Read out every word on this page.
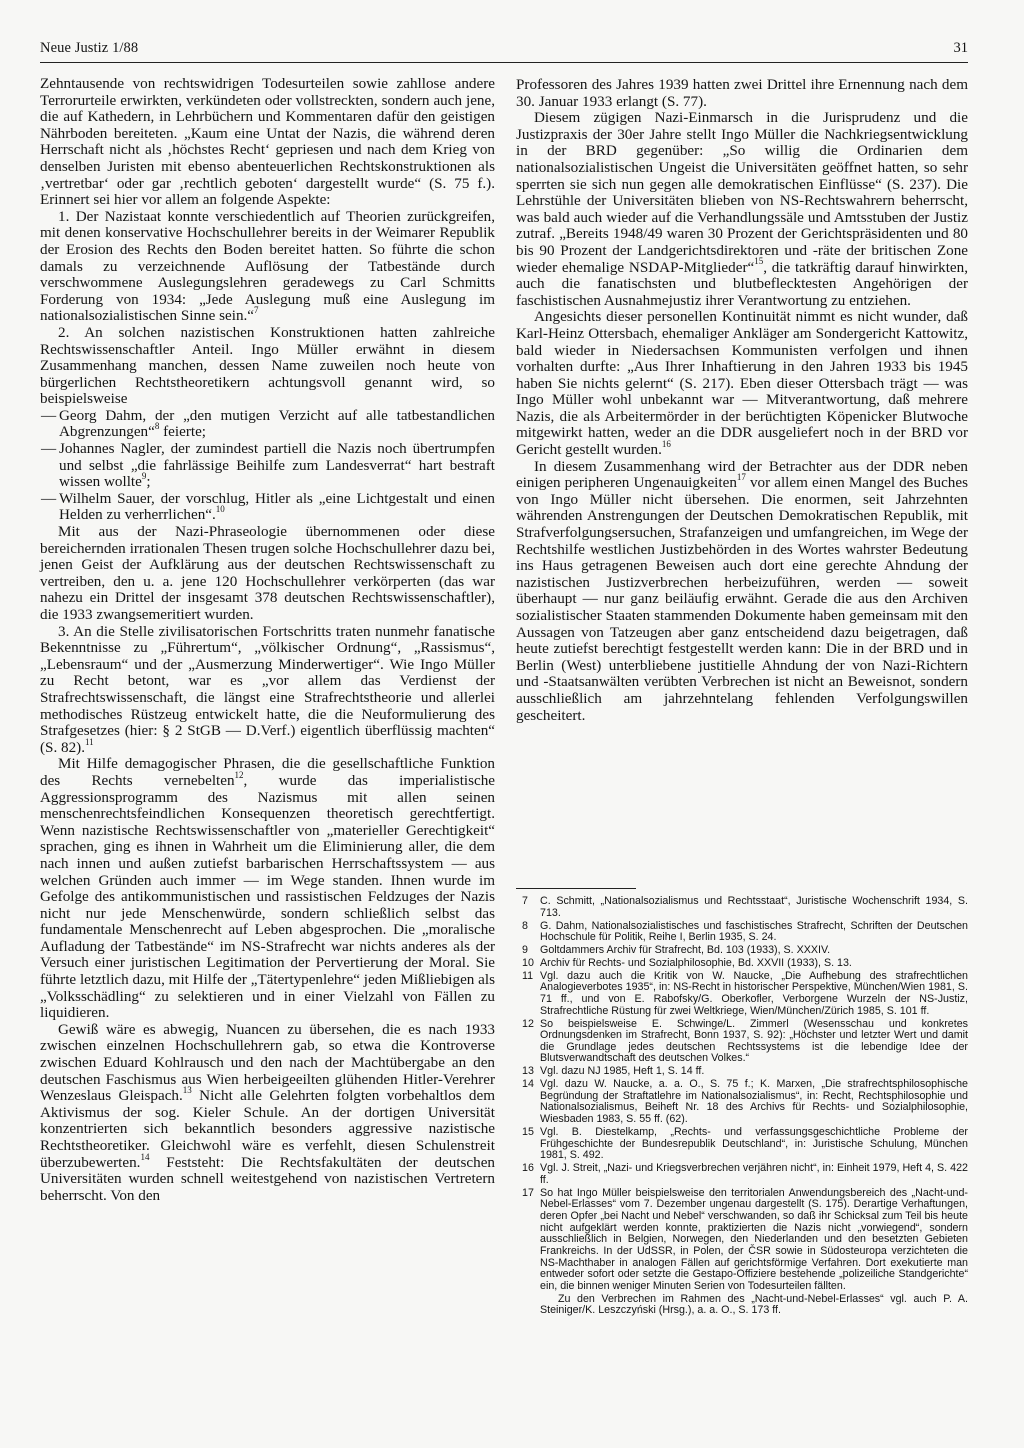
Neue Justiz 1/88	31

Zehntausende von rechtswidrigen Todesurteilen sowie zahllose andere Terrorurteile erwirkten, verkündeten oder vollstreckten, sondern auch jene, die auf Kathedern, in Lehrbüchern und Kommentaren dafür den geistigen Nährboden bereiteten. „Kaum eine Untat der Nazis, die während deren Herrschaft nicht als ‚höchstes Recht‘ gepriesen und nach dem Krieg von denselben Juristen mit ebenso abenteuerlichen Rechtskonstruktionen als ‚vertretbar‘ oder gar ‚rechtlich geboten‘ dargestellt wurde“ (S. 75 f.). Erinnert sei hier vor allem an folgende Aspekte:

1. Der Nazistaat konnte verschiedentlich auf Theorien zurückgreifen, mit denen konservative Hochschullehrer bereits in der Weimarer Republik der Erosion des Rechts den Boden bereitet hatten. So führte die schon damals zu verzeichnende Auflösung der Tatbestände durch verschwommene Auslegungslehren geradewegs zu Carl Schmitts Forderung von 1934: „Jede Auslegung muß eine Auslegung im nationalsozialistischen Sinne sein.“$^7$

2. An solchen nazistischen Konstruktionen hatten zahlreiche Rechtswissenschaftler Anteil. Ingo Müller erwähnt in diesem Zusammenhang manchen, dessen Name zuweilen noch heute von bürgerlichen Rechtstheoretikern achtungsvoll genannt wird, so beispielsweise

— Georg Dahm, der „den mutigen Verzicht auf alle tatbestandlichen Abgrenzungen“$^8$ feierte;
— Johannes Nagler, der zumindest partiell die Nazis noch übertrumpfen und selbst „die fahrlässige Beihilfe zum Landesverrat“ hart bestraft wissen wollte$^9$;
— Wilhelm Sauer, der vorschlug, Hitler als „eine Lichtgestalt und einen Helden zu verherrlichen“.$^{10}$

Mit aus der Nazi-Phraseologie übernommenen oder diese bereichernden irrationalen Thesen trugen solche Hochschullehrer dazu bei, jenen Geist der Aufklärung aus der deutschen Rechtswissenschaft zu vertreiben, den u. a. jene 120 Hochschullehrer verkörperten (das war nahezu ein Drittel der insgesamt 378 deutschen Rechtswissenschaftler), die 1933 zwangsemeritiert wurden.

3. An die Stelle zivilisatorischen Fortschritts traten nunmehr fanatische Bekenntnisse zu „Führertum“, „völkischer Ordnung“, „Rassismus“, „Lebensraum“ und der „Ausmerzung Minderwertiger“. Wie Ingo Müller zu Recht betont, war es „vor allem das Verdienst der Strafrechtswissenschaft, die längst eine Strafrechtstheorie und allerlei methodisches Rüstzeug entwickelt hatte, die die Neuformulierung des Strafgesetzes (hier: § 2 StGB — D.Verf.) eigentlich überflüssig machten“ (S. 82).$^{11}$

Mit Hilfe demagogischer Phrasen, die die gesellschaftliche Funktion des Rechts vernebelten$^{12}$, wurde das imperialistische Aggressionsprogramm des Nazismus mit allen seinen menschenrechtsfeindlichen Konsequenzen theoretisch gerechtfertigt. Wenn nazistische Rechtswissenschaftler von „materieller Gerechtigkeit“ sprachen, ging es ihnen in Wahrheit um die Eliminierung aller, die dem nach innen und außen zutiefst barbarischen Herrschaftssystem — aus welchen Gründen auch immer — im Wege standen. Ihnen wurde im Gefolge des antikommunistischen und rassistischen Feldzuges der Nazis nicht nur jede Menschenwürde, sondern schließlich selbst das fundamentale Menschenrecht auf Leben abgesprochen. Die „moralische Aufladung der Tatbestände“ im NS-Strafrecht war nichts anderes als der Versuch einer juristischen Legitimation der Pervertierung der Moral. Sie führte letztlich dazu, mit Hilfe der „Tätertypenlehre“ jeden Mißliebigen als „Volksschädling“ zu selektieren und in einer Vielzahl von Fällen zu liquidieren.

Gewiß wäre es abwegig, Nuancen zu übersehen, die es nach 1933 zwischen einzelnen Hochschullehrern gab, so etwa die Kontroverse zwischen Eduard Kohlrausch und den nach der Machtübergabe an den deutschen Faschismus aus Wien herbeigeeilten glühenden Hitler-Verehrer Wenzeslaus Gleispach.$^{13}$ Nicht alle Gelehrten folgten vorbehaltlos dem Aktivismus der sog. Kieler Schule. An der dortigen Universität konzentrierten sich bekanntlich besonders aggressive nazistische Rechtstheoretiker. Gleichwohl wäre es verfehlt, diesen Schulenstreit überzubewerten.$^{14}$ Feststeht: Die Rechtsfakultäten der deutschen Universitäten wurden schnell weitestgehend von nazistischen Vertretern beherrscht. Von den

Professoren des Jahres 1939 hatten zwei Drittel ihre Ernennung nach dem 30. Januar 1933 erlangt (S. 77).

Diesem zügigen Nazi-Einmarsch in die Jurisprudenz und die Justizpraxis der 30er Jahre stellt Ingo Müller die Nachkriegsentwicklung in der BRD gegenüber: „So willig die Ordinarien dem nationalsozialistischen Ungeist die Universitäten geöffnet hatten, so sehr sperrten sie sich nun gegen alle demokratischen Einflüsse“ (S. 237). Die Lehrstühle der Universitäten blieben von NS-Rechtswahrern beherrscht, was bald auch wieder auf die Verhandlungssäle und Amtsstuben der Justiz zutraf. „Bereits 1948/49 waren 30 Prozent der Gerichtspräsidenten und 80 bis 90 Prozent der Landgerichtsdirektoren und -räte der britischen Zone wieder ehemalige NSDAP-Mitglieder“$^{15}$, die tatkräftig darauf hinwirkten, auch die fanatischsten und blutbeflecktesten Angehörigen der faschistischen Ausnahmejustiz ihrer Verantwortung zu entziehen.

Angesichts dieser personellen Kontinuität nimmt es nicht wunder, daß Karl-Heinz Ottersbach, ehemaliger Ankläger am Sondergericht Kattowitz, bald wieder in Niedersachsen Kommunisten verfolgen und ihnen vorhalten durfte: „Aus Ihrer Inhaftierung in den Jahren 1933 bis 1945 haben Sie nichts gelernt“ (S. 217). Eben dieser Ottersbach trägt — was Ingo Müller wohl unbekannt war — Mitverantwortung, daß mehrere Nazis, die als Arbeitermörder in der berüchtigten Köpenicker Blutwoche mitgewirkt hatten, weder an die DDR ausgeliefert noch in der BRD vor Gericht gestellt wurden.$^{16}$

In diesem Zusammenhang wird der Betrachter aus der DDR neben einigen peripheren Ungenauigkeiten$^{17}$ vor allem einen Mangel des Buches von Ingo Müller nicht übersehen. Die enormen, seit Jahrzehnten währenden Anstrengungen der Deutschen Demokratischen Republik, mit Strafverfolgungsersuchen, Strafanzeigen und umfangreichen, im Wege der Rechtshilfe westlichen Justizbehörden in des Wortes wahrster Bedeutung ins Haus getragenen Beweisen auch dort eine gerechte Ahndung der nazistischen Justizverbrechen herbeizuführen, werden — soweit überhaupt — nur ganz beiläufig erwähnt. Gerade die aus den Archiven sozialistischer Staaten stammenden Dokumente haben gemeinsam mit den Aussagen von Tatzeugen aber ganz entscheidend dazu beigetragen, daß heute zutiefst berechtigt festgestellt werden kann: Die in der BRD und in Berlin (West) unterbliebene justitielle Ahndung der von Nazi-Richtern und -Staatsanwälten verübten Verbrechen ist nicht an Beweisnot, sondern ausschließlich am jahrzehntelang fehlenden Verfolgungswillen gescheitert.

7 C. Schmitt, „Nationalsozialismus und Rechtsstaat“, Juristische Wochenschrift 1934, S. 713.
8 G. Dahm, Nationalsozialistisches und faschistisches Strafrecht, Schriften der Deutschen Hochschule für Politik, Reihe I, Berlin 1935, S. 24.
9 Goltdammers Archiv für Strafrecht, Bd. 103 (1933), S. XXXIV.
10 Archiv für Rechts- und Sozialphilosophie, Bd. XXVII (1933), S. 13.
11 Vgl. dazu auch die Kritik von W. Naucke, „Die Aufhebung des strafrechtlichen Analogieverbotes 1935“, in: NS-Recht in historischer Perspektive, München/Wien 1981, S. 71 ff., und von E. Rabofsky/G. Oberkofler, Verborgene Wurzeln der NS-Justiz, Strafrechtliche Rüstung für zwei Weltkriege, Wien/München/Zürich 1985, S. 101 ff.
12 So beispielsweise E. Schwinge/L. Zimmerl (Wesensschau und konkretes Ordnungsdenken im Strafrecht, Bonn 1937, S. 92): „Höchster und letzter Wert und damit die Grundlage jedes deutschen Rechtssystems ist die lebendige Idee der Blutsverwandtschaft des deutschen Volkes.“
13 Vgl. dazu NJ 1985, Heft 1, S. 14 ff.
14 Vgl. dazu W. Naucke, a. a. O., S. 75 f.; K. Marxen, „Die strafrechtsphilosophische Begründung der Straftatlehre im Nationalsozialismus“, in: Recht, Rechtsphilosophie und Nationalsozialismus, Beiheft Nr. 18 des Archivs für Rechts- und Sozialphilosophie, Wiesbaden 1983, S. 55 ff. (62).
15 Vgl. B. Diestelkamp, „Rechts- und verfassungsgeschichtliche Probleme der Frühgeschichte der Bundesrepublik Deutschland“, in: Juristische Schulung, München 1981, S. 492.
16 Vgl. J. Streit, „Nazi- und Kriegsverbrechen verjähren nicht“, in: Einheit 1979, Heft 4, S. 422 ff.
17 So hat Ingo Müller beispielsweise den territorialen Anwendungsbereich des „Nacht-und-Nebel-Erlasses“ vom 7. Dezember ungenau dargestellt (S. 175). Derartige Verhaftungen, deren Opfer „bei Nacht und Nebel“ verschwanden, so daß ihr Schicksal zum Teil bis heute nicht aufgeklärt werden konnte, praktizierten die Nazis nicht „vorwiegend“, sondern ausschließlich in Belgien, Norwegen, den Niederlanden und den besetzten Gebieten Frankreichs. In der UdSSR, in Polen, der ČSR sowie in Südosteuropa verzichteten die NS-Machthaber in analogen Fällen auf gerichtsförmige Verfahren. Dort exekutierte man entweder sofort oder setzte die Gestapo-Offiziere bestehende „polizeiliche Standgerichte“ ein, die binnen weniger Minuten Serien von Todesurteilen fällten.

Zu den Verbrechen im Rahmen des „Nacht-und-Nebel-Erlasses“ vgl. auch P. A. Steiniger/K. Leszczyński (Hrsg.), a. a. O., S. 173 ff.
